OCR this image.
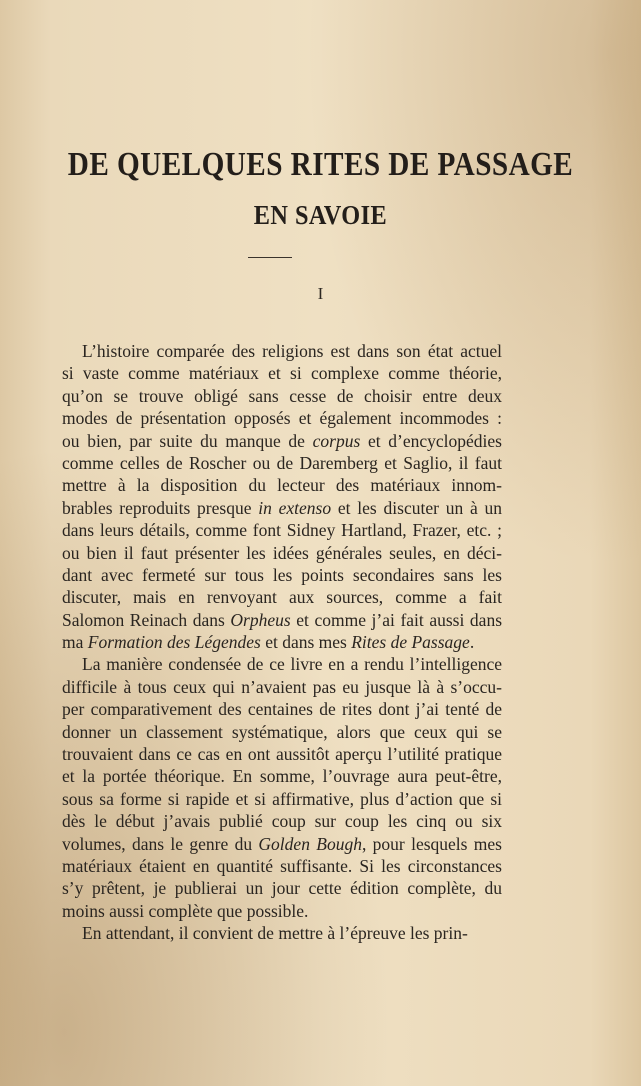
DE QUELQUES RITES DE PASSAGE
EN SAVOIE
I
L’histoire comparée des religions est dans son état actuel
si vaste comme matériaux et si complexe comme théorie,
qu’on se trouve obligé sans cesse de choisir entre deux
modes de présentation opposés et également incommodes :
ou bien, par suite du manque de corpus et d’encyclopédies
comme celles de Roscher ou de Daremberg et Saglio, il faut
mettre à la disposition du lecteur des matériaux innom-
brables reproduits presque in extenso et les discuter un à un
dans leurs détails, comme font Sidney Hartland, Frazer, etc. ;
ou bien il faut présenter les idées générales seules, en déci-
dant avec fermeté sur tous les points secondaires sans les
discuter, mais en renvoyant aux sources, comme a fait
Salomon Reinach dans Orpheus et comme j’ai fait aussi dans
ma Formation des Légendes et dans mes Rites de Passage.
La manière condensée de ce livre en a rendu l’intelligence
difficile à tous ceux qui n’avaient pas eu jusque là à s’occu-
per comparativement des centaines de rites dont j’ai tenté de
donner un classement systématique, alors que ceux qui se
trouvaient dans ce cas en ont aussitôt aperçu l’utilité pratique
et la portée théorique. En somme, l’ouvrage aura peut-être,
sous sa forme si rapide et si affirmative, plus d’action que si
dès le début j’avais publié coup sur coup les cinq ou six
volumes, dans le genre du Golden Bough, pour lesquels mes
matériaux étaient en quantité suffisante. Si les circonstances
s’y prêtent, je publierai un jour cette édition complète, du
moins aussi complète que possible.
En attendant, il convient de mettre à l’épreuve les prin-
